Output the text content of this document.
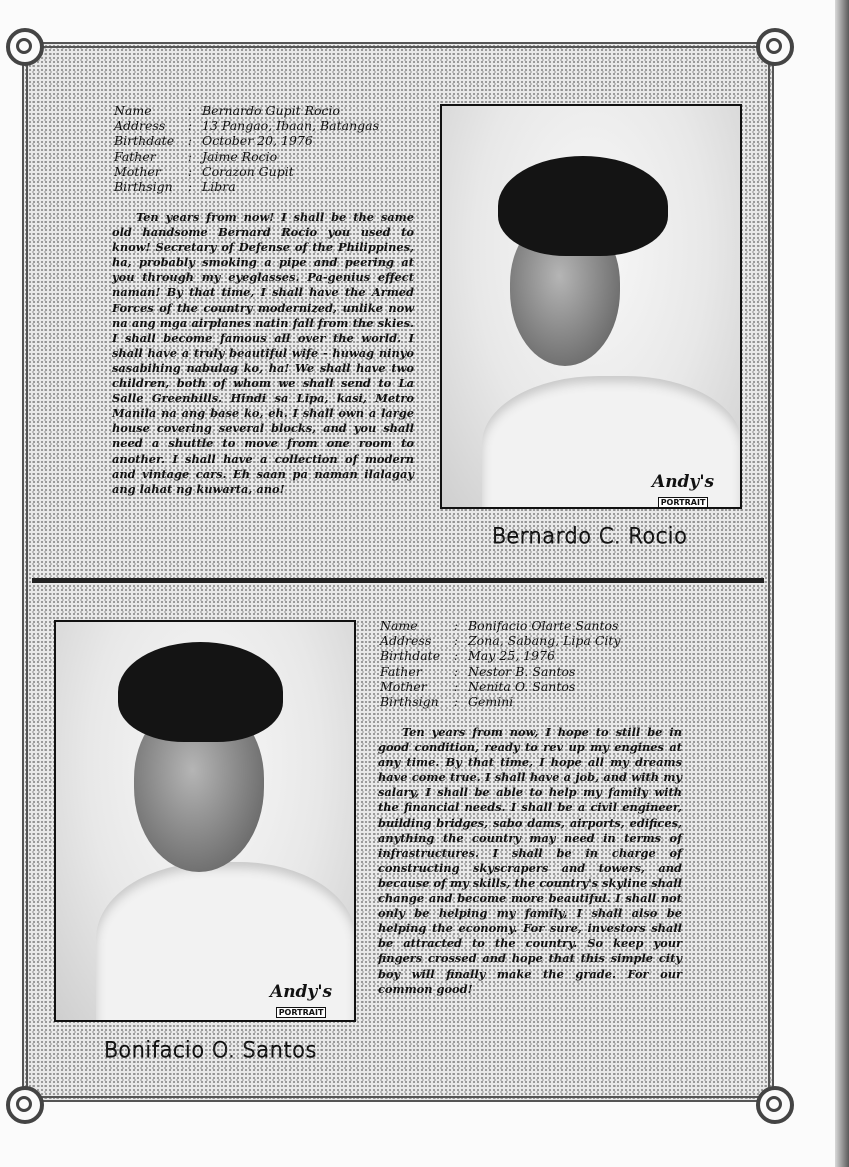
Name	:	Bernardo Gupit Rocio
Address	:	13 Pangao, Ibaan, Batangas
Birthdate	:	October 20, 1976
Father	:	Jaime Rocio
Mother	:	Corazon Gupit
Birthsign	:	Libra

Ten years from now! I shall be the same old handsome Bernard Rocio you used to know! Secretary of Defense of the Philippines, ha, probably smoking a pipe and peering at you through my eyeglasses. Pa-genius effect naman! By that time, I shall have the Armed Forces of the country modernized, unlike now na ang mga airplanes natin fall from the skies. I shall become famous all over the world. I shall have a truly beautiful wife - huwag ninyo sasabihing nabulag ko, ha! We shall have two children, both of whom we shall send to La Salle Greenhills. Hindi sa Lipa, kasi, Metro Manila na ang base ko, eh. I shall own a large house covering several blocks, and you shall need a shuttle to move from one room to another. I shall have a collection of modern and vintage cars. Eh saan pa naman ilalagay ang lahat ng kuwarta, ano!	Andy's
PORTRAIT
Bernardo C. Rocio
Andy's
PORTRAIT
Name	:	Bonifacio Olarte Santos
Address	:	Zona, Sabang, Lipa City
Birthdate	:	May 25, 1976
Father	:	Nestor B. Santos
Mother	:	Nenita O. Santos
Birthsign	:	Gemini

Ten years from now, I hope to still be in good condition, ready to rev up my engines at any time. By that time, I hope all my dreams have come true. I shall have a job, and with my salary, I shall be able to help my family with the financial needs. I shall be a civil engineer, building bridges, sabo dams, airports, edifices, anything the country may need in terms of infrastructures. I shall be in charge of constructing skyscrapers and towers, and because of my skills, the country's skyline shall change and become more beautiful. I shall not only be helping my family, I shall also be helping the economy. For sure, investors shall be attracted to the country. So keep your fingers crossed and hope that this simple city boy will finally make the grade. For our common good!

Bonifacio O. Santos
